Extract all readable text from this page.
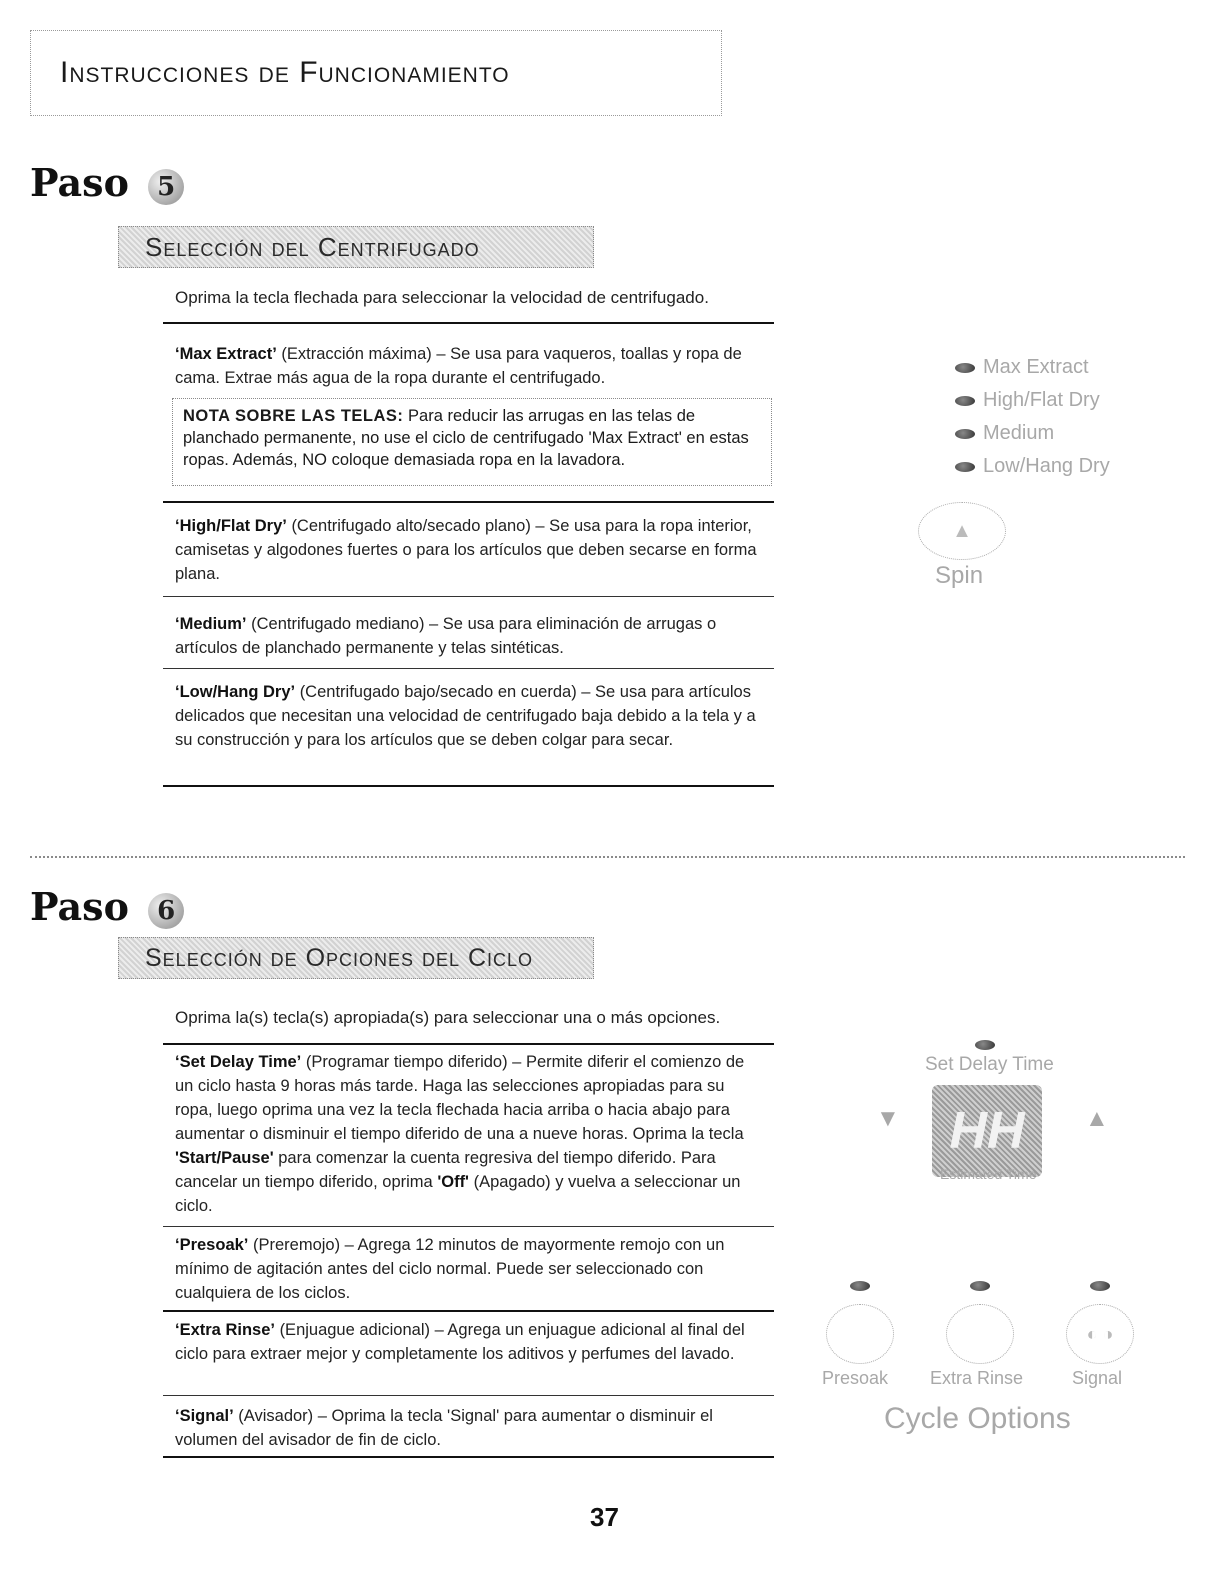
Instrucciones de Funcionamiento
Paso 5
Selección del Centrifugado
Oprima la tecla flechada para seleccionar la velocidad de centrifugado.
‘Max Extract’ (Extracción máxima) – Se usa para vaqueros, toallas y ropa de cama. Extrae más agua de la ropa durante el centrifugado.
NOTA SOBRE LAS TELAS: Para reducir las arrugas en las telas de planchado permanente, no use el ciclo de centrifugado 'Max Extract' en estas ropas. Además, NO coloque demasiada ropa en la lavadora.
‘High/Flat Dry’ (Centrifugado alto/secado plano) – Se usa para la ropa interior, camisetas y algodones fuertes o para los artículos que deben secarse en forma plana.
‘Medium’ (Centrifugado mediano) – Se usa para eliminación de arrugas o artículos de planchado permanente y telas sintéticas.
‘Low/Hang Dry’ (Centrifugado bajo/secado en cuerda) – Se usa para artículos delicados que necesitan una velocidad de centrifugado baja debido a la tela y a su construcción y para los artículos que se deben colgar para secar.
Max Extract
High/Flat Dry
Medium
Low/Hang Dry
▲
Spin
Paso 6
Selección de Opciones del Ciclo
Oprima la(s) tecla(s) apropiada(s) para seleccionar una o más opciones.
‘Set Delay Time’ (Programar tiempo diferido) – Permite diferir el comienzo de un ciclo hasta 9 horas más tarde. Haga las selecciones apropiadas para su ropa, luego oprima una vez la tecla flechada hacia arriba o hacia abajo para aumentar o disminuir el tiempo diferido de una a nueve horas. Oprima la tecla 'Start/Pause' para comenzar la cuenta regresiva del tiempo diferido. Para cancelar un tiempo diferido, oprima 'Off' (Apagado) y vuelva a seleccionar un ciclo.
‘Presoak’ (Preremojo) – Agrega 12 minutos de mayormente remojo con un mínimo de agitación antes del ciclo normal. Puede ser seleccionado con cualquiera de los ciclos.
‘Extra Rinse’ (Enjuague adicional) – Agrega un enjuague adicional al final del ciclo para extraer mejor y completamente los aditivos y perfumes del lavado.
‘Signal’ (Avisador) – Oprima la tecla 'Signal' para aumentar o disminuir el volumen del avisador de fin de ciclo.
Set Delay Time
▼ HH	▲
Estimated Time
◐ ◑
Presoak Extra Rinse	Signal
Cycle Options
37
